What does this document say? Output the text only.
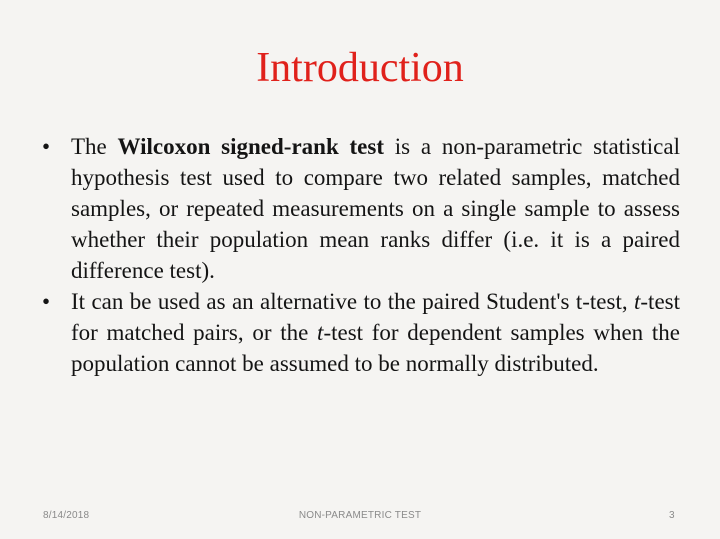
Introduction
• The Wilcoxon signed-rank test is a non-parametric statistical hypothesis test used to compare two related samples, matched samples, or repeated measurements on a single sample to assess whether their population mean ranks differ (i.e. it is a paired difference test).
• It can be used as an alternative to the paired Student's t-test, t-test for matched pairs, or the t-test for dependent samples when the population cannot be assumed to be normally distributed.
8/14/2018	NON-PARAMETRIC TEST	3
